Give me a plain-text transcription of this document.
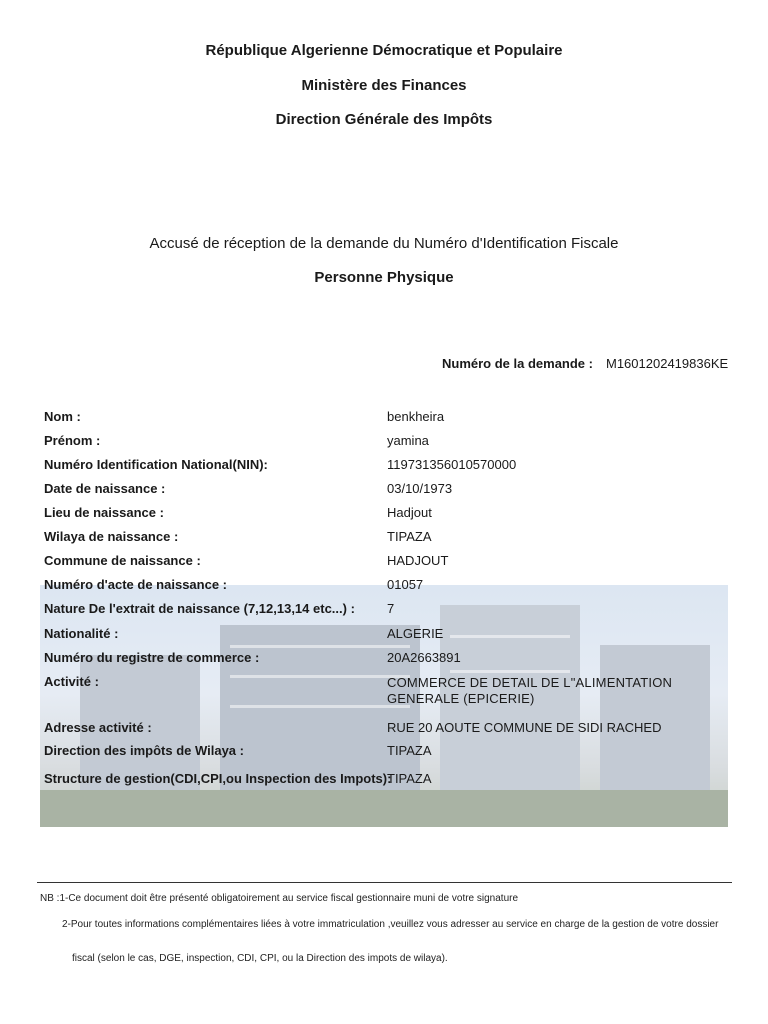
République Algerienne Démocratique et Populaire
Ministère des Finances
Direction Générale des Impôts
Accusé de réception de la demande du Numéro d'Identification Fiscale
Personne Physique
Numéro de la demande : M1601202419836KE
Nom :	benkheira
Prénom :	yamina
Numéro Identification National(NIN):	119731356010570000
Date de naissance :	03/10/1973
Lieu de naissance :	Hadjout
Wilaya de naissance :	TIPAZA
Commune de naissance :	HADJOUT
Numéro d'acte de naissance :	01057
Nature De l'extrait de naissance (7,12,13,14 etc...) : 7
Nationalité :	ALGERIE
Numéro du registre de commerce :	20A2663891
Activité :	COMMERCE DE DETAIL DE L"ALIMENTATION GENERALE (EPICERIE)
Adresse activité :	RUE 20 AOUTE COMMUNE DE SIDI RACHED
Direction des impôts de Wilaya :	TIPAZA
Structure de gestion(CDI,CPI,ou Inspection des Impots):
TIPAZA
NB :1-Ce document doit être présenté obligatoirement au service fiscal gestionnaire muni de votre signature
2-Pour toutes informations complémentaires liées à votre immatriculation ,veuillez vous adresser au service en charge de la gestion de votre dossier
fiscal (selon le cas, DGE, inspection, CDI, CPI, ou la Direction des impots de wilaya).
